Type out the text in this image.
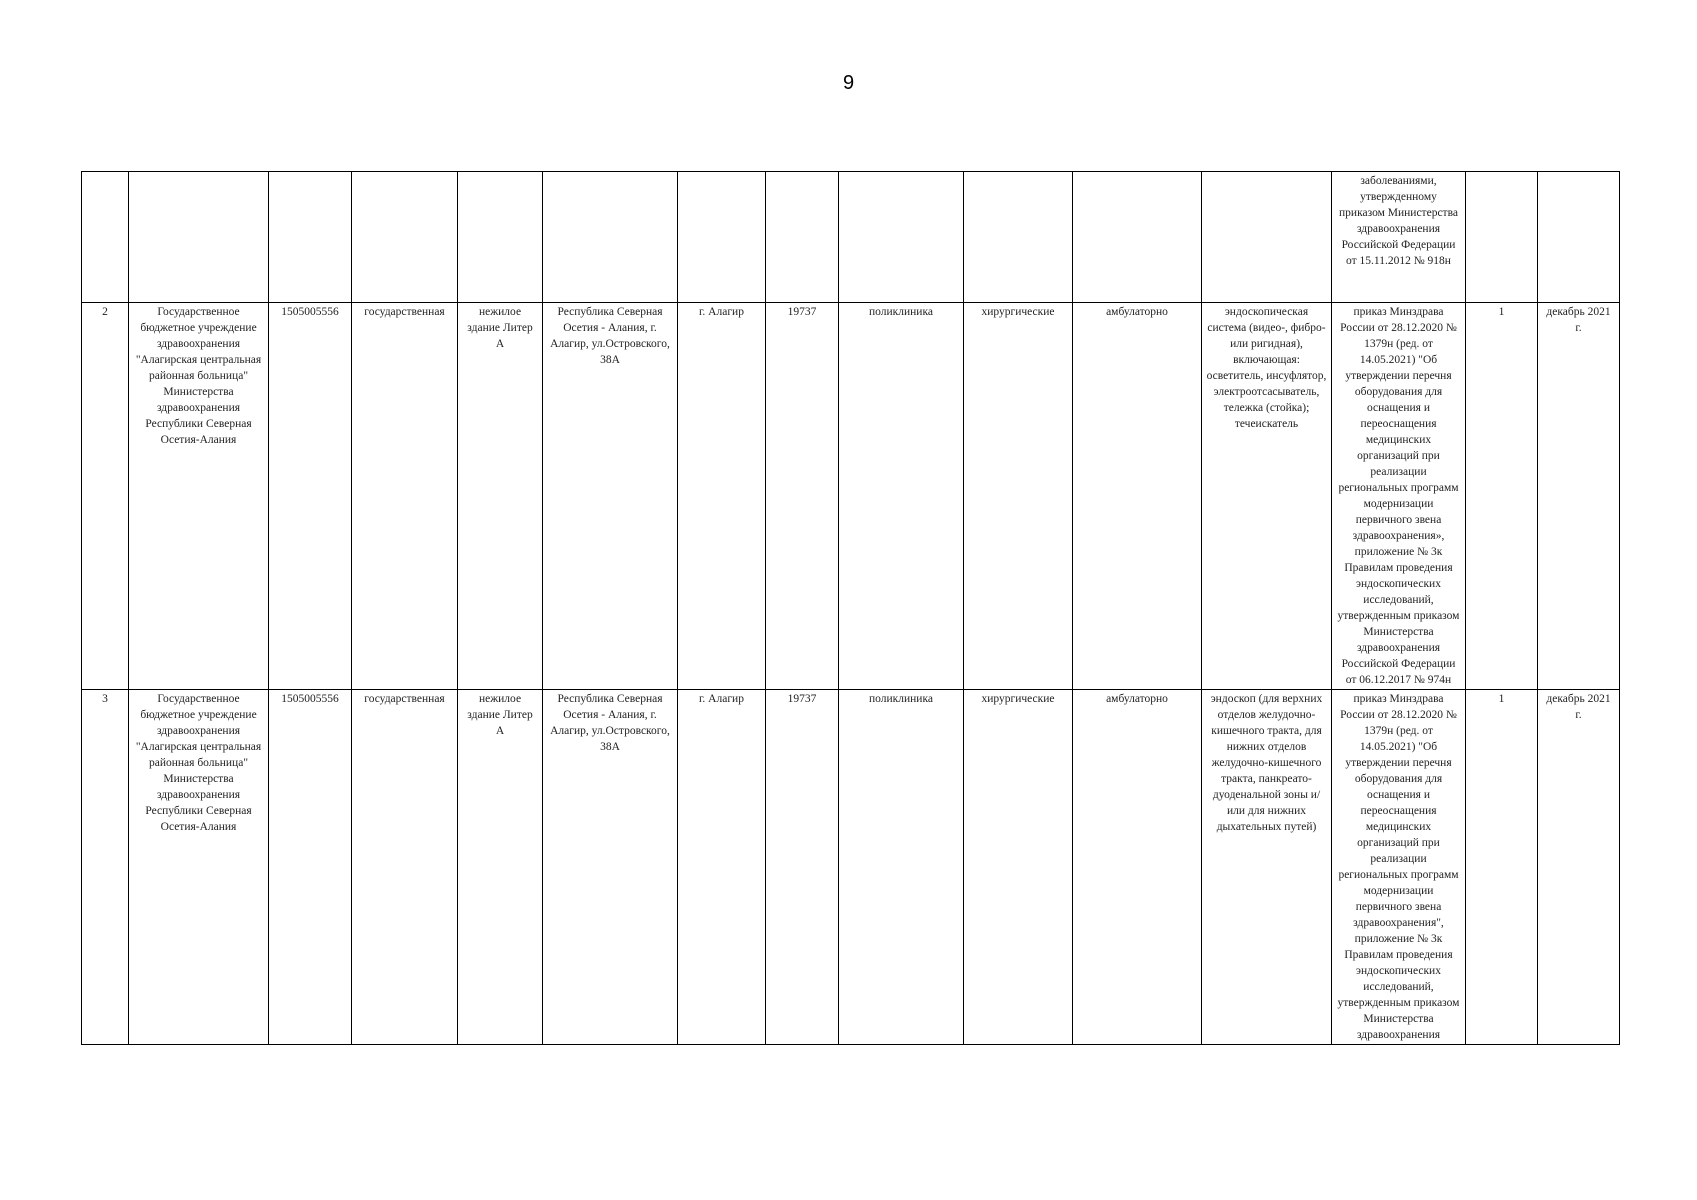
9
												заболеваниями, утвержденному приказом Министерства здравоохранения Российской Федерации от 15.11.2012 № 918н		
2	Государственное бюджетное учреждение здравоохранения "Алагирская центральная районная больница" Министерства здравоохранения Республики Северная Осетия-Алания	1505005556	государственная	нежилое здание Литер А	Республика Северная Осетия - Алания, г. Алагир, ул.Островского, 38А	г. Алагир	19737	поликлиника	хирургические	амбулаторно	эндоскопическая система (видео-, фибро- или ригидная), включающая: осветитель, инсуфлятор, электроотсасыватель, тележка (стойка); течеискатель	приказ Минздрава России от 28.12.2020 № 1379н (ред. от 14.05.2021) "Об утверждении перечня оборудования для оснащения и переоснащения медицинских организаций при реализации региональных программ модернизации первичного звена здравоохранения», приложение № 3к Правилам проведения эндоскопических исследований, утвержденным приказом Министерства здравоохранения Российской Федерации от 06.12.2017 № 974н	1	декабрь 2021 г.
3	Государственное бюджетное учреждение здравоохранения "Алагирская центральная районная больница" Министерства здравоохранения Республики Северная Осетия-Алания	1505005556	государственная	нежилое здание Литер А	Республика Северная Осетия - Алания, г. Алагир, ул.Островского, 38А	г. Алагир	19737	поликлиника	хирургические	амбулаторно	эндоскоп (для верхних отделов желудочно-кишечного тракта, для нижних отделов желудочно-кишечного тракта, панкреато-дуоденальной зоны и/или для нижних дыхательных путей)	приказ Минздрава России от 28.12.2020 № 1379н (ред. от 14.05.2021) "Об утверждении перечня оборудования для оснащения и переоснащения медицинских организаций при реализации региональных программ модернизации первичного звена здравоохранения", приложение № 3к Правилам проведения эндоскопических исследований, утвержденным приказом Министерства здравоохранения	1	декабрь 2021 г.
